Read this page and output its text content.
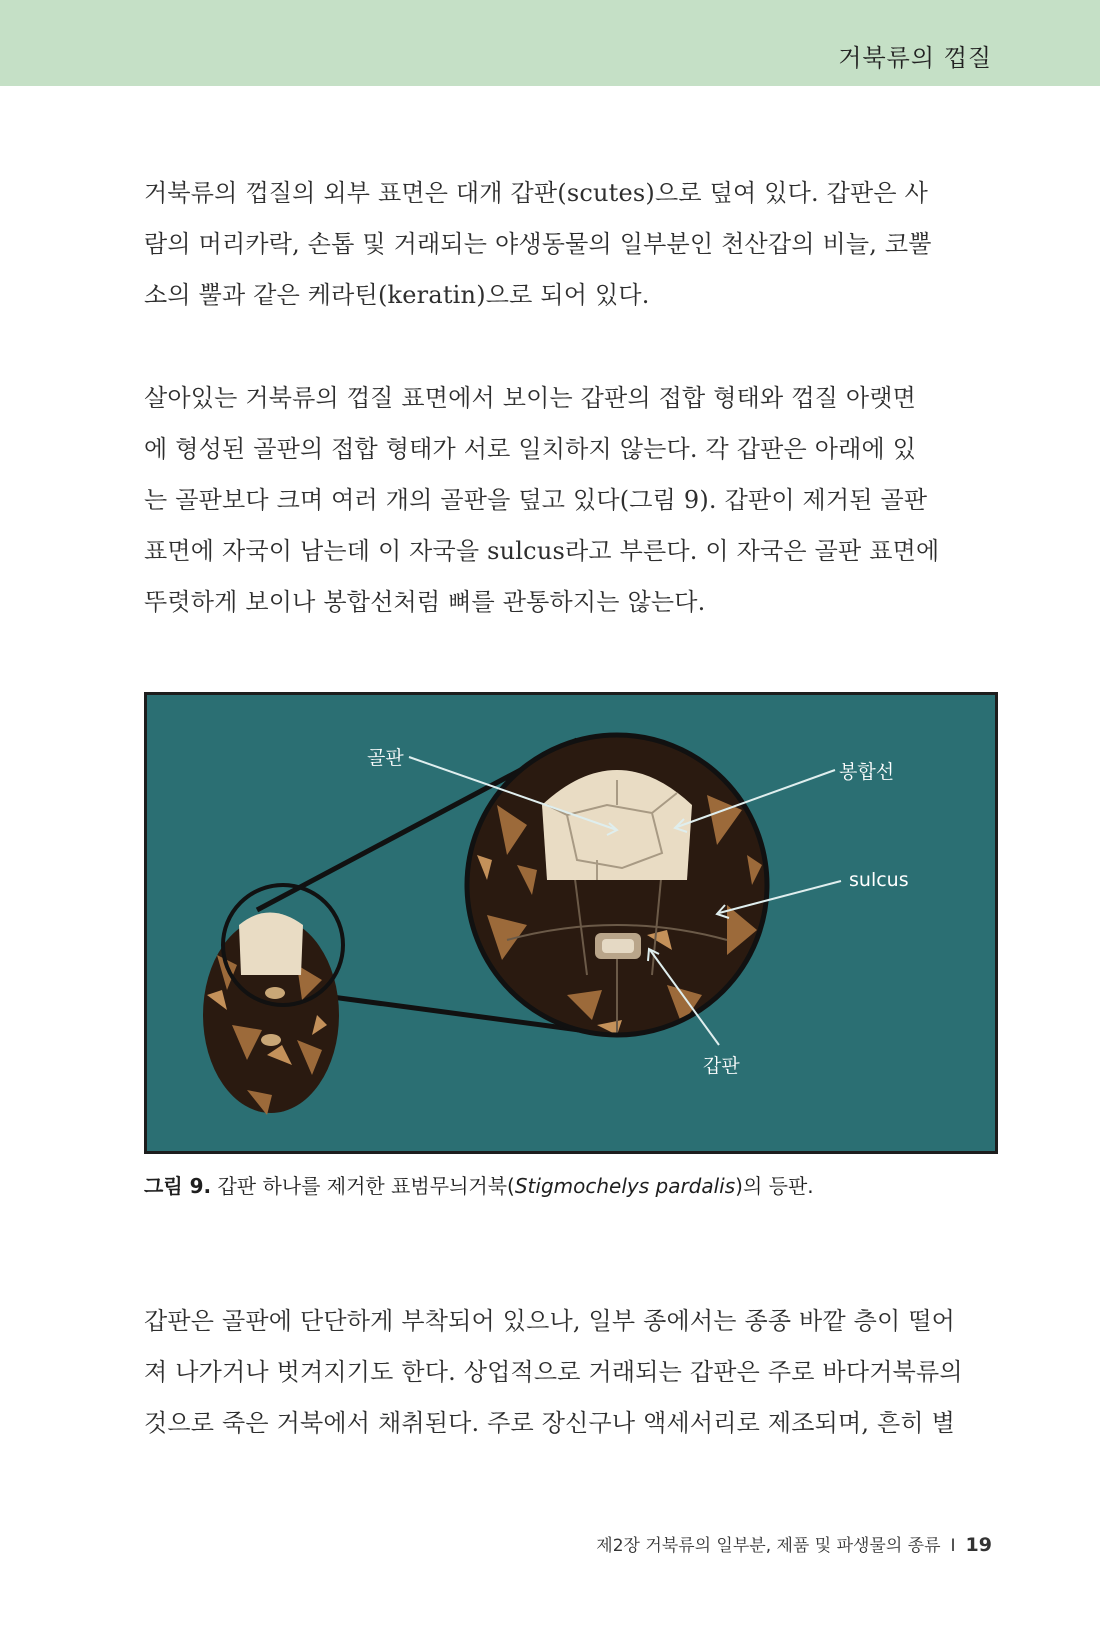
거북류의 껍질

거북류의 껍질의 외부 표면은 대개 갑판(scutes)으로 덮여 있다. 갑판은 사
람의 머리카락, 손톱 및 거래되는 야생동물의 일부분인 천산갑의 비늘, 코뿔
소의 뿔과 같은 케라틴(keratin)으로 되어 있다.

살아있는 거북류의 껍질 표면에서 보이는 갑판의 접합 형태와 껍질 아랫면
에 형성된 골판의 접합 형태가 서로 일치하지 않는다. 각 갑판은 아래에 있
는 골판보다 크며 여러 개의 골판을 덮고 있다(그림 9). 갑판이 제거된 골판
표면에 자국이 남는데 이 자국을 sulcus라고 부른다. 이 자국은 골판 표면에
뚜렷하게 보이나 봉합선처럼 뼈를 관통하지는 않는다.

골판
봉합선
sulcus
갑판
그림 9. 갑판 하나를 제거한 표범무늬거북(Stigmochelys pardalis)의 등판.

갑판은 골판에 단단하게 부착되어 있으나, 일부 종에서는 종종 바깥 층이 떨어
져 나가거나 벗겨지기도 한다. 상업적으로 거래되는 갑판은 주로 바다거북류의
것으로 죽은 거북에서 채취된다. 주로 장신구나 액세서리로 제조되며, 흔히 별

제2장 거북류의 일부분, 제품 및 파생물의 종류 I 19
